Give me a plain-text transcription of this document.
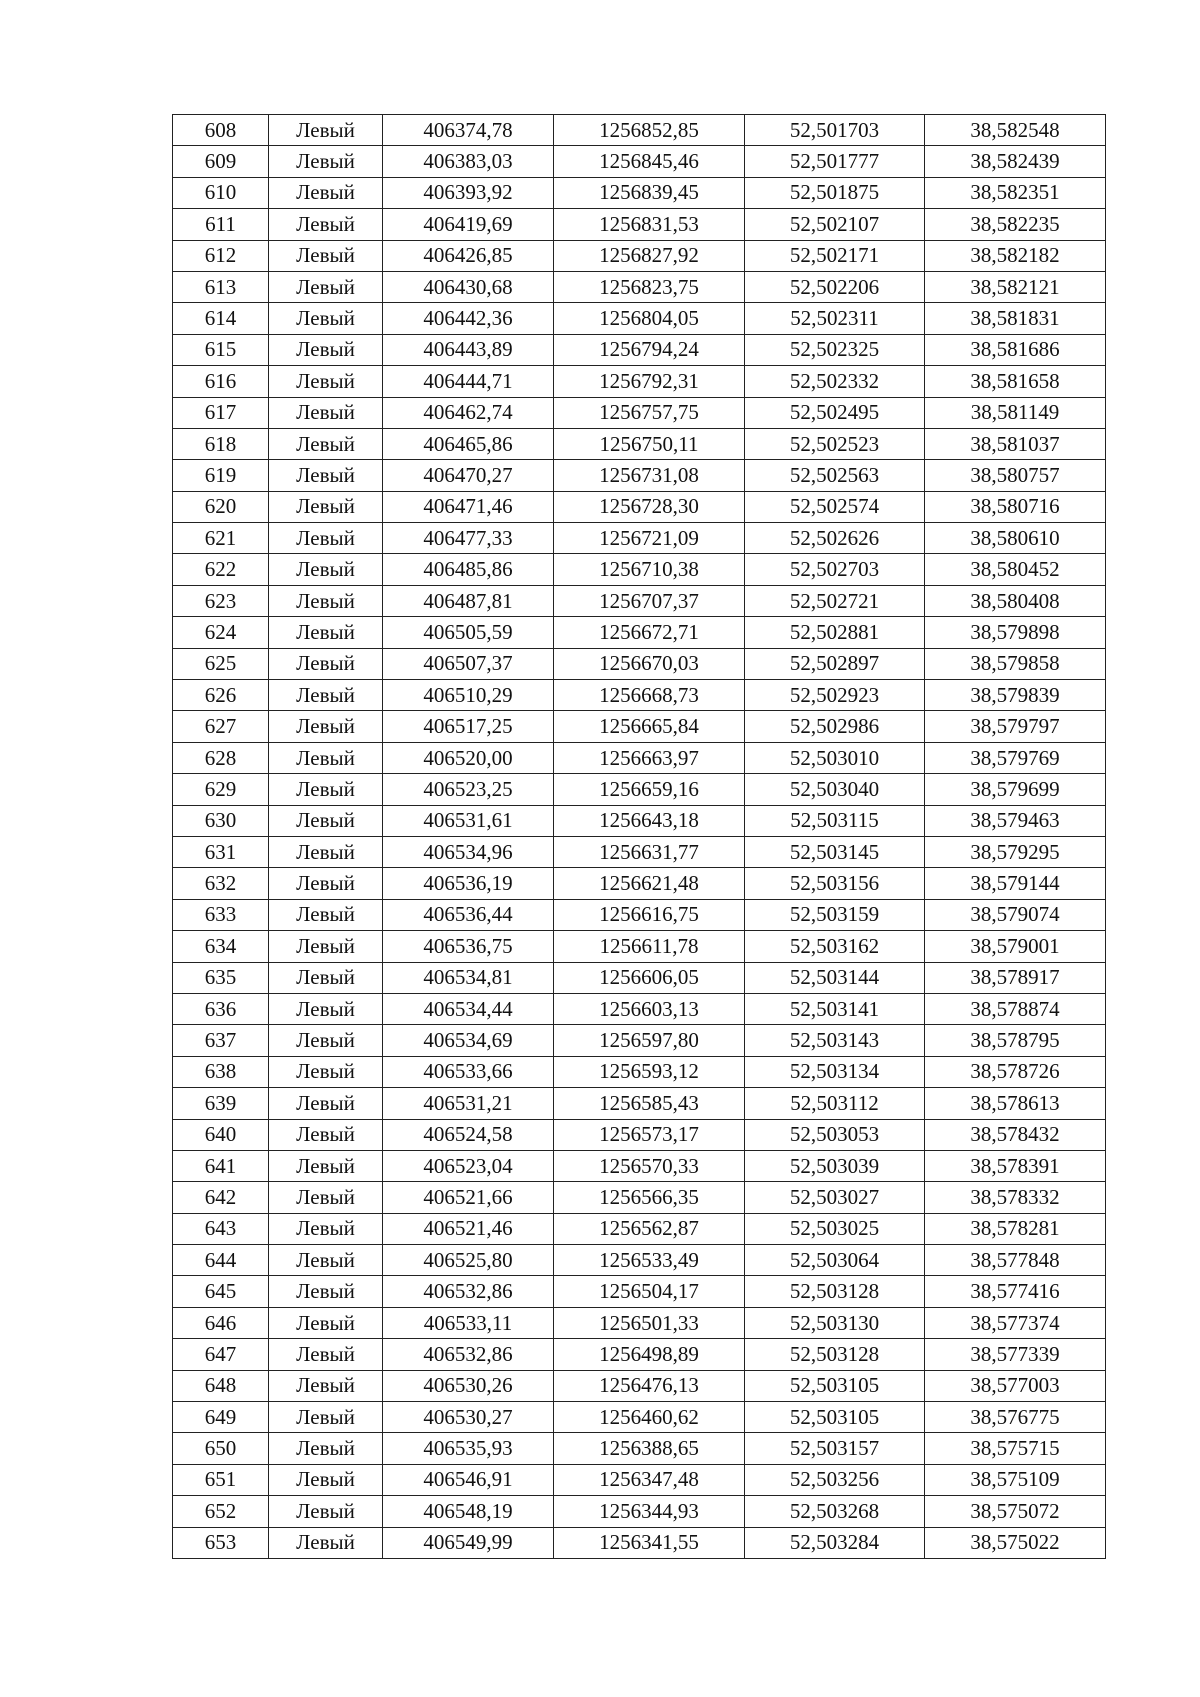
608	Левый	406374,78	1256852,85	52,501703	38,582548
609	Левый	406383,03	1256845,46	52,501777	38,582439
610	Левый	406393,92	1256839,45	52,501875	38,582351
611	Левый	406419,69	1256831,53	52,502107	38,582235
612	Левый	406426,85	1256827,92	52,502171	38,582182
613	Левый	406430,68	1256823,75	52,502206	38,582121
614	Левый	406442,36	1256804,05	52,502311	38,581831
615	Левый	406443,89	1256794,24	52,502325	38,581686
616	Левый	406444,71	1256792,31	52,502332	38,581658
617	Левый	406462,74	1256757,75	52,502495	38,581149
618	Левый	406465,86	1256750,11	52,502523	38,581037
619	Левый	406470,27	1256731,08	52,502563	38,580757
620	Левый	406471,46	1256728,30	52,502574	38,580716
621	Левый	406477,33	1256721,09	52,502626	38,580610
622	Левый	406485,86	1256710,38	52,502703	38,580452
623	Левый	406487,81	1256707,37	52,502721	38,580408
624	Левый	406505,59	1256672,71	52,502881	38,579898
625	Левый	406507,37	1256670,03	52,502897	38,579858
626	Левый	406510,29	1256668,73	52,502923	38,579839
627	Левый	406517,25	1256665,84	52,502986	38,579797
628	Левый	406520,00	1256663,97	52,503010	38,579769
629	Левый	406523,25	1256659,16	52,503040	38,579699
630	Левый	406531,61	1256643,18	52,503115	38,579463
631	Левый	406534,96	1256631,77	52,503145	38,579295
632	Левый	406536,19	1256621,48	52,503156	38,579144
633	Левый	406536,44	1256616,75	52,503159	38,579074
634	Левый	406536,75	1256611,78	52,503162	38,579001
635	Левый	406534,81	1256606,05	52,503144	38,578917
636	Левый	406534,44	1256603,13	52,503141	38,578874
637	Левый	406534,69	1256597,80	52,503143	38,578795
638	Левый	406533,66	1256593,12	52,503134	38,578726
639	Левый	406531,21	1256585,43	52,503112	38,578613
640	Левый	406524,58	1256573,17	52,503053	38,578432
641	Левый	406523,04	1256570,33	52,503039	38,578391
642	Левый	406521,66	1256566,35	52,503027	38,578332
643	Левый	406521,46	1256562,87	52,503025	38,578281
644	Левый	406525,80	1256533,49	52,503064	38,577848
645	Левый	406532,86	1256504,17	52,503128	38,577416
646	Левый	406533,11	1256501,33	52,503130	38,577374
647	Левый	406532,86	1256498,89	52,503128	38,577339
648	Левый	406530,26	1256476,13	52,503105	38,577003
649	Левый	406530,27	1256460,62	52,503105	38,576775
650	Левый	406535,93	1256388,65	52,503157	38,575715
651	Левый	406546,91	1256347,48	52,503256	38,575109
652	Левый	406548,19	1256344,93	52,503268	38,575072
653	Левый	406549,99	1256341,55	52,503284	38,575022
